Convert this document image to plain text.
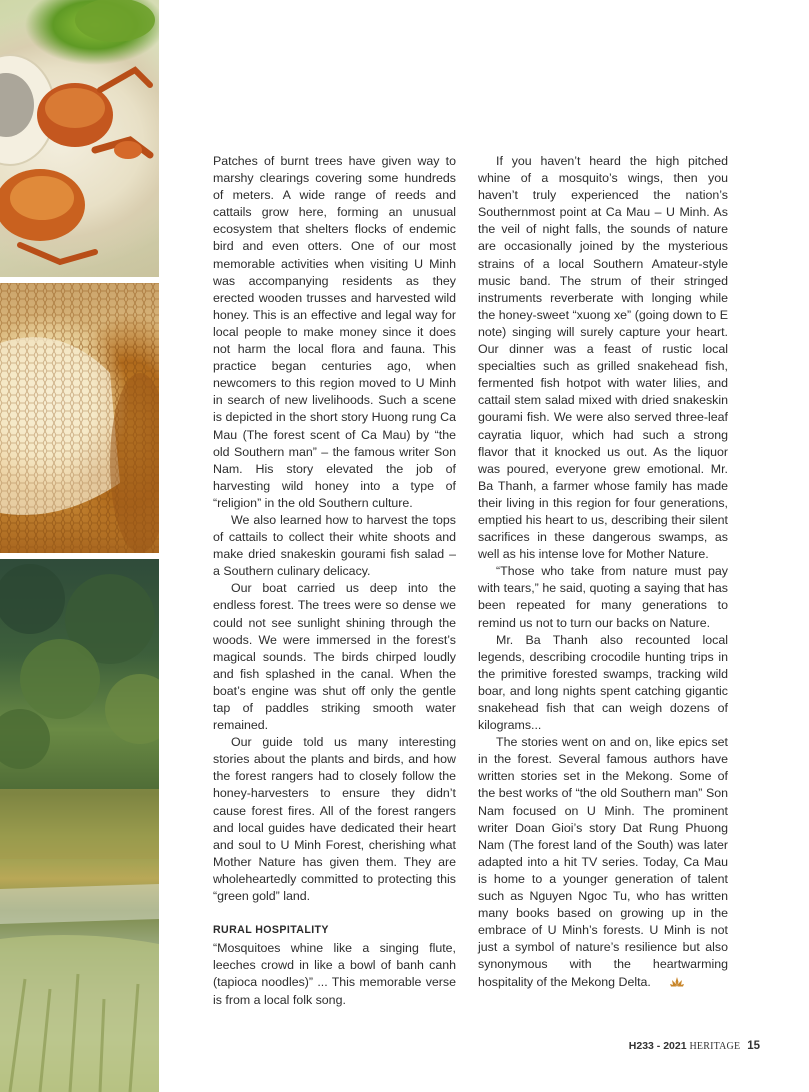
Patches of burnt trees have given way to marshy clearings covering some hundreds of meters. A wide range of reeds and cattails grow here, forming an unusual ecosystem that shelters flocks of endemic bird and even otters. One of our most memorable activities when visiting U Minh was accompanying residents as they erected wooden trusses and harvested wild honey. This is an effective and legal way for local people to make money since it does not harm the local flora and fauna. This practice began centuries ago, when newcomers to this region moved to U Minh in search of new livelihoods. Such a scene is depicted in the short story Huong rung Ca Mau (The forest scent of Ca Mau) by “the old Southern man” – the famous writer Son Nam. His story elevated the job of harvesting wild honey into a type of “religion” in the old Southern culture.

We also learned how to harvest the tops of cattails to collect their white shoots and make dried snakeskin gourami fish salad – a Southern culinary delicacy.

Our boat carried us deep into the endless forest. The trees were so dense we could not see sunlight shining through the woods. We were immersed in the forest’s magical sounds. The birds chirped loudly and fish splashed in the canal. When the boat’s engine was shut off only the gentle tap of paddles striking smooth water remained.

Our guide told us many interesting stories about the plants and birds, and how the forest rangers had to closely follow the honey-harvesters to ensure they didn’t cause forest fires. All of the forest rangers and local guides have dedicated their heart and soul to U Minh Forest, cherishing what Mother Nature has given them. They are wholeheartedly committed to protecting this “green gold” land.

RURAL HOSPITALITY

“Mosquitoes whine like a singing flute, leeches crowd in like a bowl of banh canh (tapioca noodles)” ... This memorable verse is from a local folk song.

If you haven’t heard the high pitched whine of a mosquito’s wings, then you haven’t truly experienced the nation’s Southernmost point at Ca Mau – U Minh. As the veil of night falls, the sounds of nature are occasionally joined by the mysterious strains of a local Southern Amateur-style music band. The strum of their stringed instruments reverberate with longing while the honey-sweet “xuong xe” (going down to E note) singing will surely capture your heart. Our dinner was a feast of rustic local specialties such as grilled snakehead fish, fermented fish hotpot with water lilies, and cattail stem salad mixed with dried snakeskin gourami fish. We were also served three-leaf cayratia liquor, which had such a strong flavor that it knocked us out. As the liquor was poured, everyone grew emotional. Mr. Ba Thanh, a farmer whose family has made their living in this region for four generations, emptied his heart to us, describing their silent sacrifices in these dangerous swamps, as well as his intense love for Mother Nature.

“Those who take from nature must pay with tears,” he said, quoting a saying that has been repeated for many generations to remind us not to turn our backs on Nature.

Mr. Ba Thanh also recounted local legends, describing crocodile hunting trips in the primitive forested swamps, tracking wild boar, and long nights spent catching gigantic snakehead fish that can weigh dozens of kilograms...

The stories went on and on, like epics set in the forest. Several famous authors have written stories set in the Mekong. Some of the best works of “the old Southern man” Son Nam focused on U Minh. The prominent writer Doan Gioi’s story Dat Rung Phuong Nam (The forest land of the South) was later adapted into a hit TV series. Today, Ca Mau is home to a younger generation of talent such as Nguyen Ngoc Tu, who has written many books based on growing up in the embrace of U Minh’s forests. U Minh is not just a symbol of nature’s resilience but also synonymous with the heartwarming hospitality of the Mekong Delta.

H233 - 2021 HERITAGE 15
